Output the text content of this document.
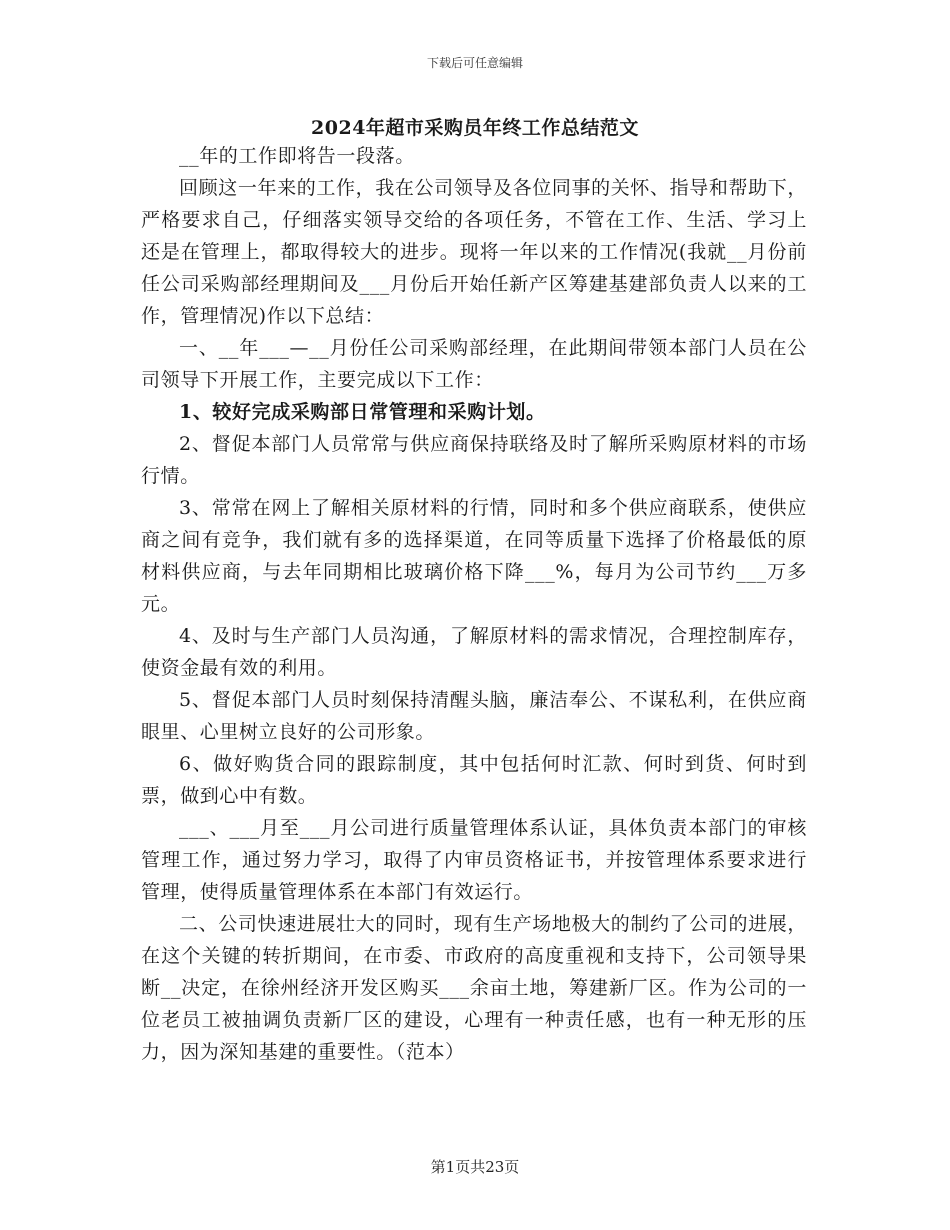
下载后可任意编辑
2024年超市采购员年终工作总结范文

__年的工作即将告一段落。

回顾这一年来的工作，我在公司领导及各位同事的关怀、指导和帮助下，严格要求自己，仔细落实领导交给的各项任务，不管在工作、生活、学习上还是在管理上，都取得较大的进步。现将一年以来的工作情况(我就__月份前任公司采购部经理期间及___月份后开始任新产区筹建基建部负责人以来的工作，管理情况)作以下总结：

一、__年___—__月份任公司采购部经理，在此期间带领本部门人员在公司领导下开展工作，主要完成以下工作：

1、较好完成采购部日常管理和采购计划。

2、督促本部门人员常常与供应商保持联络及时了解所采购原材料的市场行情。

3、常常在网上了解相关原材料的行情，同时和多个供应商联系，使供应商之间有竞争，我们就有多的选择渠道，在同等质量下选择了价格最低的原材料供应商，与去年同期相比玻璃价格下降___%，每月为公司节约___万多元。

4、及时与生产部门人员沟通，了解原材料的需求情况，合理控制库存，使资金最有效的利用。

5、督促本部门人员时刻保持清醒头脑，廉洁奉公、不谋私利，在供应商眼里、心里树立良好的公司形象。

6、做好购货合同的跟踪制度，其中包括何时汇款、何时到货、何时到票，做到心中有数。

___、___月至___月公司进行质量管理体系认证，具体负责本部门的审核管理工作，通过努力学习，取得了内审员资格证书，并按管理体系要求进行管理，使得质量管理体系在本部门有效运行。

二、公司快速进展壮大的同时，现有生产场地极大的制约了公司的进展，在这个关键的转折期间，在市委、市政府的高度重视和支持下，公司领导果断__决定，在徐州经济开发区购买___余亩土地，筹建新厂区。作为公司的一位老员工被抽调负责新厂区的建设，心理有一种责任感，也有一种无形的压力，因为深知基建的重要性。（范本）

第1页共23页
